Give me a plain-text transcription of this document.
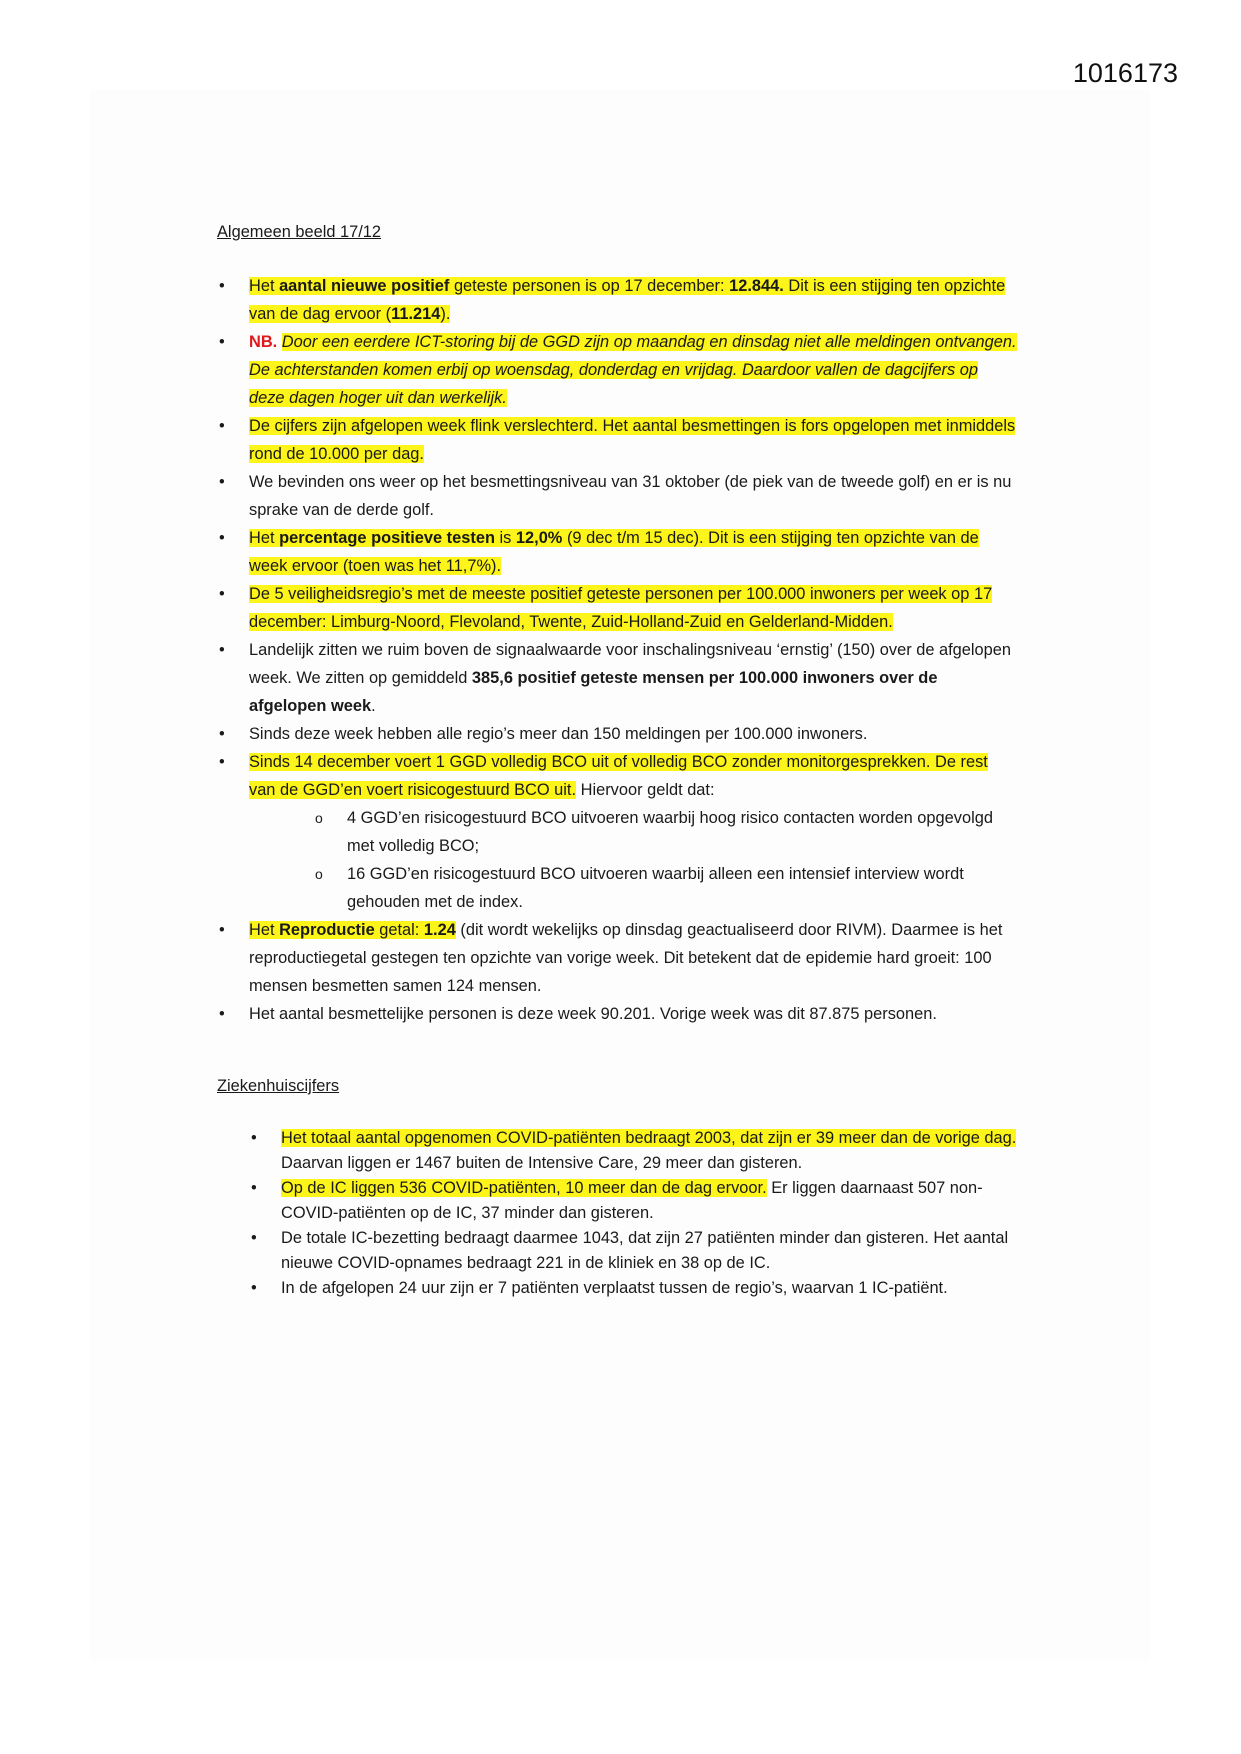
1016173
Algemeen beeld 17/12
• Het aantal nieuwe positief geteste personen is op 17 december: 12.844. Dit is een stijging ten opzichte van de dag ervoor (11.214).
• NB. Door een eerdere ICT-storing bij de GGD zijn op maandag en dinsdag niet alle meldingen ontvangen. De achterstanden komen erbij op woensdag, donderdag en vrijdag. Daardoor vallen de dagcijfers op deze dagen hoger uit dan werkelijk.
• De cijfers zijn afgelopen week flink verslechterd. Het aantal besmettingen is fors opgelopen met inmiddels rond de 10.000 per dag.
• We bevinden ons weer op het besmettingsniveau van 31 oktober (de piek van de tweede golf) en er is nu sprake van de derde golf.
• Het percentage positieve testen is 12,0% (9 dec t/m 15 dec). Dit is een stijging ten opzichte van de week ervoor (toen was het 11,7%).
• De 5 veiligheidsregio’s met de meeste positief geteste personen per 100.000 inwoners per week op 17 december: Limburg-Noord, Flevoland, Twente, Zuid-Holland-Zuid en Gelderland-Midden.
• Landelijk zitten we ruim boven de signaalwaarde voor inschalingsniveau ‘ernstig’ (150) over de afgelopen week. We zitten op gemiddeld 385,6 positief geteste mensen per 100.000 inwoners over de afgelopen week.
• Sinds deze week hebben alle regio’s meer dan 150 meldingen per 100.000 inwoners.
• Sinds 14 december voert 1 GGD volledig BCO uit of volledig BCO zonder monitorgesprekken. De rest van de GGD’en voert risicogestuurd BCO uit. Hiervoor geldt dat:
o 4 GGD’en risicogestuurd BCO uitvoeren waarbij hoog risico contacten worden opgevolgd met volledig BCO;
o 16 GGD’en risicogestuurd BCO uitvoeren waarbij alleen een intensief interview wordt gehouden met de index.
• Het Reproductie getal: 1.24 (dit wordt wekelijks op dinsdag geactualiseerd door RIVM). Daarmee is het reproductiegetal gestegen ten opzichte van vorige week. Dit betekent dat de epidemie hard groeit: 100 mensen besmetten samen 124 mensen.
• Het aantal besmettelijke personen is deze week 90.201. Vorige week was dit 87.875 personen.
Ziekenhuiscijfers
• Het totaal aantal opgenomen COVID-patiënten bedraagt 2003, dat zijn er 39 meer dan de vorige dag. Daarvan liggen er 1467 buiten de Intensive Care, 29 meer dan gisteren.
• Op de IC liggen 536 COVID-patiënten, 10 meer dan de dag ervoor. Er liggen daarnaast 507 non-COVID-patiënten op de IC, 37 minder dan gisteren.
• De totale IC-bezetting bedraagt daarmee 1043, dat zijn 27 patiënten minder dan gisteren. Het aantal nieuwe COVID-opnames bedraagt 221 in de kliniek en 38 op de IC.
• In de afgelopen 24 uur zijn er 7 patiënten verplaatst tussen de regio’s, waarvan 1 IC-patiënt.
